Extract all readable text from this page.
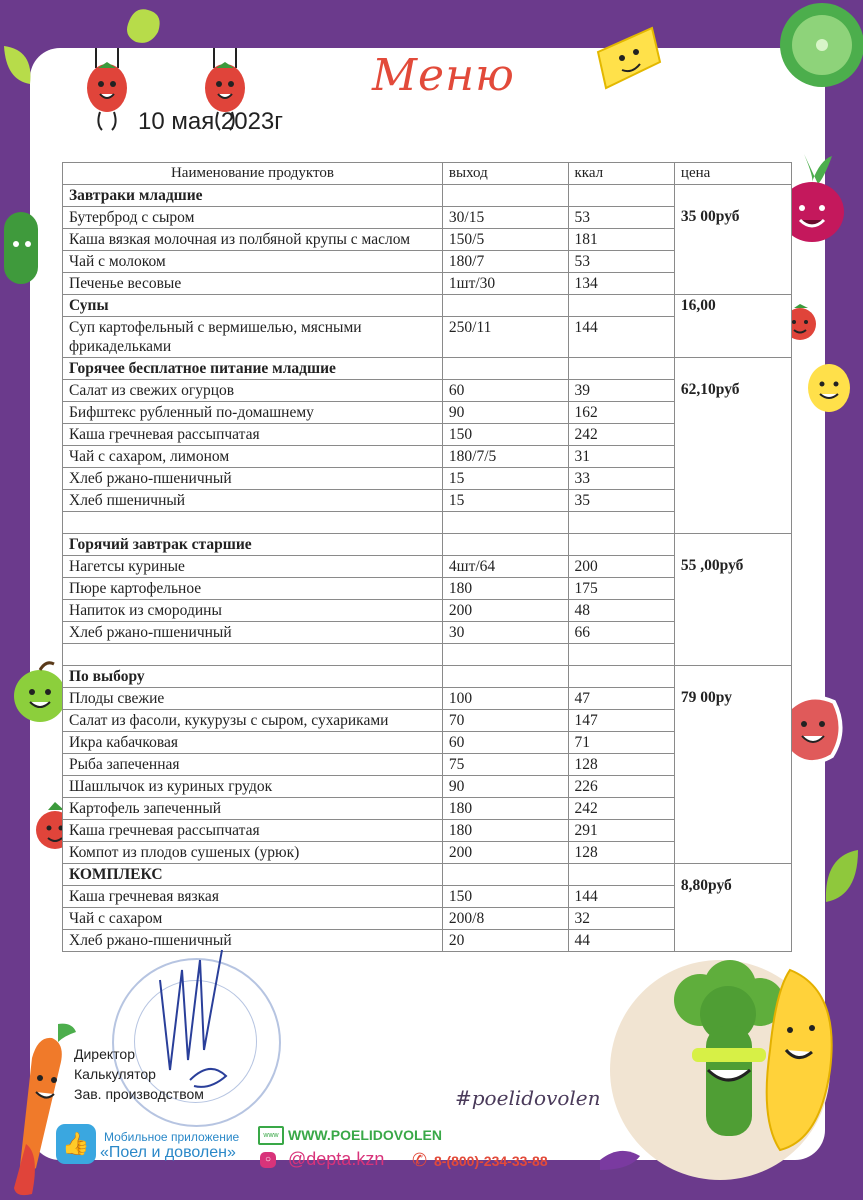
Меню
10 мая 2023г
Наименование продуктов	выход	ккал	цена
Завтраки младшие			35 00руб
Бутерброд с сыром	30/15	53	
Каша вязкая молочная из полбяной крупы с маслом	150/5	181	
Чай с молоком	180/7	53	
Печенье весовые	1шт/30	134	
Супы			16,00
Суп картофельный с вермишелью, мясными фрикадельками	250/11	144	
Горячее бесплатное питание младшие			62,10руб
Салат из свежих огурцов	60	39	
Бифштекс рубленный по-домашнему	90	162	
Каша гречневая рассыпчатая	150	242	
Чай с сахаром, лимоном	180/7/5	31	
Хлеб ржано-пшеничный	15	33	
Хлеб пшеничный	15	35	

Горячий завтрак старшие			55 ,00руб
Нагетсы куриные	4шт/64	200	
Пюре картофельное	180	175	
Напиток из смородины	200	48	
Хлеб ржано-пшеничный	30	66	

По выбору			79 00ру
Плоды свежие	100	47	
Салат из фасоли, кукурузы с сыром, сухариками	70	147	
Икра кабачковая	60	71	
Рыба запеченная	75	128	
Шашлычок из куриных грудок	90	226	
Картофель запеченный	180	242	
Каша гречневая рассыпчатая	180	291	
Компот из плодов сушеных (урюк)	200	128	
КОМПЛЕКС			8,80руб
Каша гречневая вязкая	150	144	
Чай с сахаром	200/8	32	
Хлеб ржано-пшеничный	20	44	
Директор
Калькулятор
Зав. производством	#poelidovolen
👍	Мобильное приложение
«Поел и доволен»
www WWW.POELIDOVOLEN
○ @depta.kzn ✆ 8-(800)-234-33-88
